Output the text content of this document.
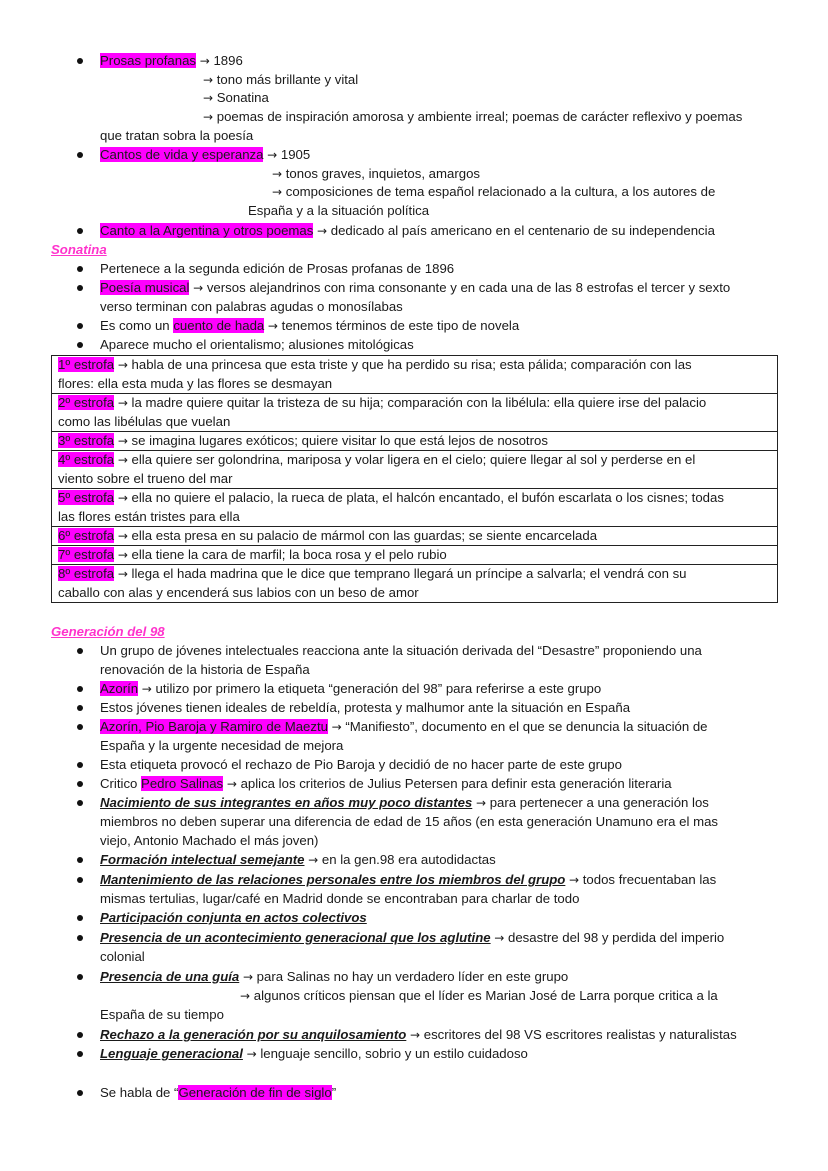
Prosas profanas → 1896
→ tono más brillante y vital
→ Sonatina
→ poemas de inspiración amorosa y ambiente irreal; poemas de carácter reflexivo y poemas
que tratan sobra la poesía
Cantos de vida y esperanza → 1905
→ tonos graves, inquietos, amargos
→ composiciones de tema español relacionado a la cultura, a los autores de
España y a la situación política
Canto a la Argentina y otros poemas → dedicado al país americano en el centenario de su independencia
Sonatina
Pertenece a la segunda edición de Prosas profanas de 1896
Poesía musical → versos alejandrinos con rima consonante y en cada una de las 8 estrofas el tercer y sexto
verso terminan con palabras agudas o monosílabas
Es como un cuento de hada → tenemos términos de este tipo de novela
Aparece mucho el orientalismo; alusiones mitológicas
1º estrofa → habla de una princesa que esta triste y que ha perdido su risa; esta pálida; comparación con las
flores: ella esta muda y las flores se desmayan
2º estrofa → la madre quiere quitar la tristeza de su hija; comparación con la libélula: ella quiere irse del palacio
como las libélulas que vuelan
3º estrofa → se imagina lugares exóticos; quiere visitar lo que está lejos de nosotros
4º estrofa → ella quiere ser golondrina, mariposa y volar ligera en el cielo; quiere llegar al sol y perderse en el
viento sobre el trueno del mar
5º estrofa → ella no quiere el palacio, la rueca de plata, el halcón encantado, el bufón escarlata o los cisnes; todas
las flores están tristes para ella
6º estrofa → ella esta presa en su palacio de mármol con las guardas; se siente encarcelada
7º estrofa → ella tiene la cara de marfil; la boca rosa y el pelo rubio
8º estrofa → llega el hada madrina que le dice que temprano llegará un príncipe a salvarla; el vendrá con su
caballo con alas y encenderá sus labios con un beso de amor
Generación del 98
Un grupo de jóvenes intelectuales reacciona ante la situación derivada del “Desastre” proponiendo una
renovación de la historia de España
Azorín → utilizo por primero la etiqueta “generación del 98” para referirse a este grupo
Estos jóvenes tienen ideales de rebeldía, protesta y malhumor ante la situación en España
Azorín, Pio Baroja y Ramiro de Maeztu → “Manifiesto”, documento en el que se denuncia la situación de
España y la urgente necesidad de mejora
Esta etiqueta provocó el rechazo de Pio Baroja y decidió de no hacer parte de este grupo
Critico Pedro Salinas → aplica los criterios de Julius Petersen para definir esta generación literaria
Nacimiento de sus integrantes en años muy poco distantes → para pertenecer a una generación los
miembros no deben superar una diferencia de edad de 15 años (en esta generación Unamuno era el mas
viejo, Antonio Machado el más joven)
Formación intelectual semejante → en la gen.98 era autodidactas
Mantenimiento de las relaciones personales entre los miembros del grupo → todos frecuentaban las
mismas tertulias, lugar/café en Madrid donde se encontraban para charlar de todo
Participación conjunta en actos colectivos
Presencia de un acontecimiento generacional que los aglutine → desastre del 98 y perdida del imperio
colonial
Presencia de una guía → para Salinas no hay un verdadero líder en este grupo
→ algunos críticos piensan que el líder es Marian José de Larra porque critica a la
España de su tiempo
Rechazo a la generación por su anquilosamiento → escritores del 98 VS escritores realistas y naturalistas
Lenguaje generacional → lenguaje sencillo, sobrio y un estilo cuidadoso
Se habla de “Generación de fin de siglo”
